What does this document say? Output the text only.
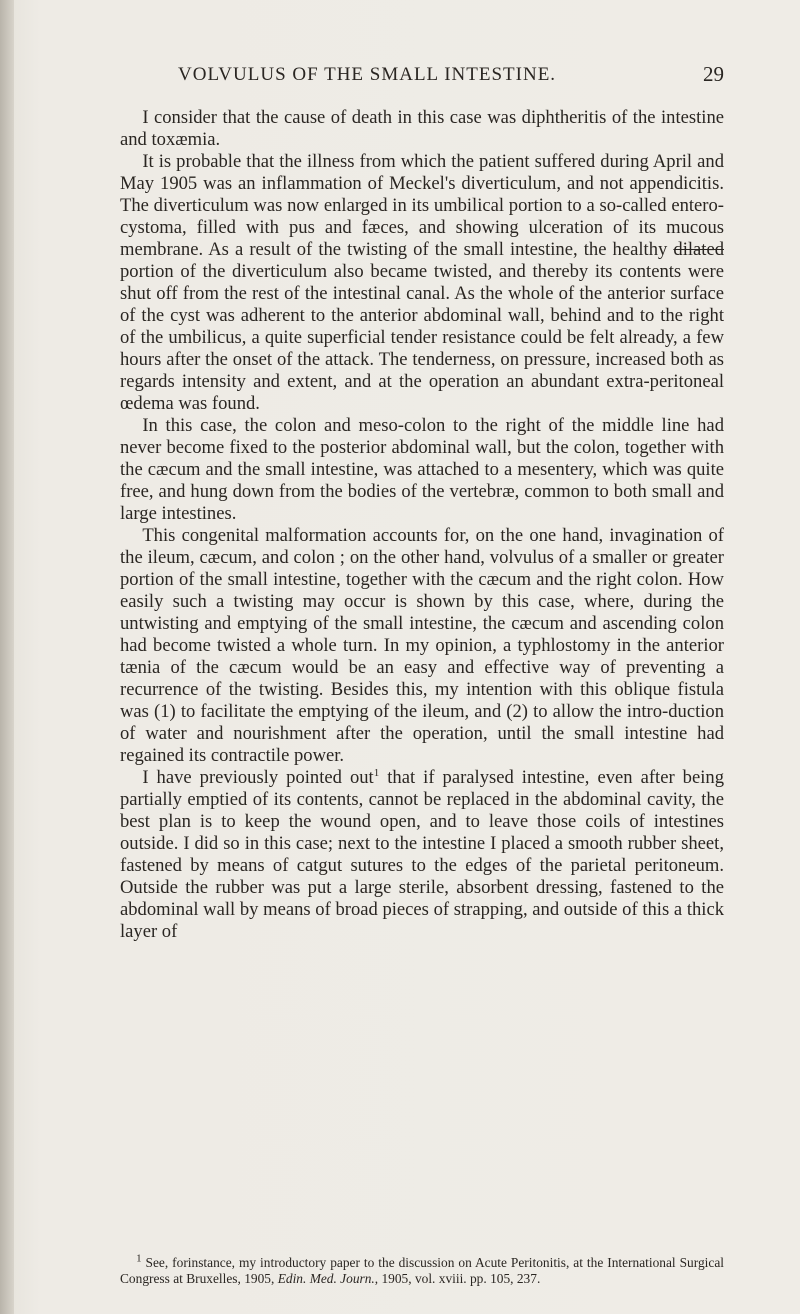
VOLVULUS OF THE SMALL INTESTINE.	29

I consider that the cause of death in this case was diphtheritis of the intestine and toxæmia.

It is probable that the illness from which the patient suffered during April and May 1905 was an inflammation of Meckel's diverticulum, and not appendicitis. The diverticulum was now enlarged in its umbilical portion to a so-called entero-cystoma, filled with pus and fæces, and showing ulceration of its mucous membrane. As a result of the twisting of the small intestine, the healthy dilated portion of the diverticulum also became twisted, and thereby its contents were shut off from the rest of the intestinal canal. As the whole of the anterior surface of the cyst was adherent to the anterior abdominal wall, behind and to the right of the umbilicus, a quite superficial tender resistance could be felt already, a few hours after the onset of the attack. The tenderness, on pressure, increased both as regards intensity and extent, and at the operation an abundant extra-peritoneal œdema was found.

In this case, the colon and meso-colon to the right of the middle line had never become fixed to the posterior abdominal wall, but the colon, together with the cæcum and the small intestine, was attached to a mesentery, which was quite free, and hung down from the bodies of the vertebræ, common to both small and large intestines.

This congenital malformation accounts for, on the one hand, invagination of the ileum, cæcum, and colon ; on the other hand, volvulus of a smaller or greater portion of the small intestine, together with the cæcum and the right colon. How easily such a twisting may occur is shown by this case, where, during the untwisting and emptying of the small intestine, the cæcum and ascending colon had become twisted a whole turn. In my opinion, a typhlostomy in the anterior tænia of the cæcum would be an easy and effective way of preventing a recurrence of the twisting. Besides this, my intention with this oblique fistula was (1) to facilitate the emptying of the ileum, and (2) to allow the intro-duction of water and nourishment after the operation, until the small intestine had regained its contractile power.

I have previously pointed out$^1$ that if paralysed intestine, even after being partially emptied of its contents, cannot be replaced in the abdominal cavity, the best plan is to keep the wound open, and to leave those coils of intestines outside. I did so in this case; next to the intestine I placed a smooth rubber sheet, fastened by means of catgut sutures to the edges of the parietal peritoneum. Outside the rubber was put a large sterile, absorbent dressing, fastened to the abdominal wall by means of broad pieces of strapping, and outside of this a thick layer of

$^1$ See, forinstance, my introductory paper to the discussion on Acute Peritonitis, at the International Surgical Congress at Bruxelles, 1905, Edin. Med. Journ., 1905, vol. xviii. pp. 105, 237.
